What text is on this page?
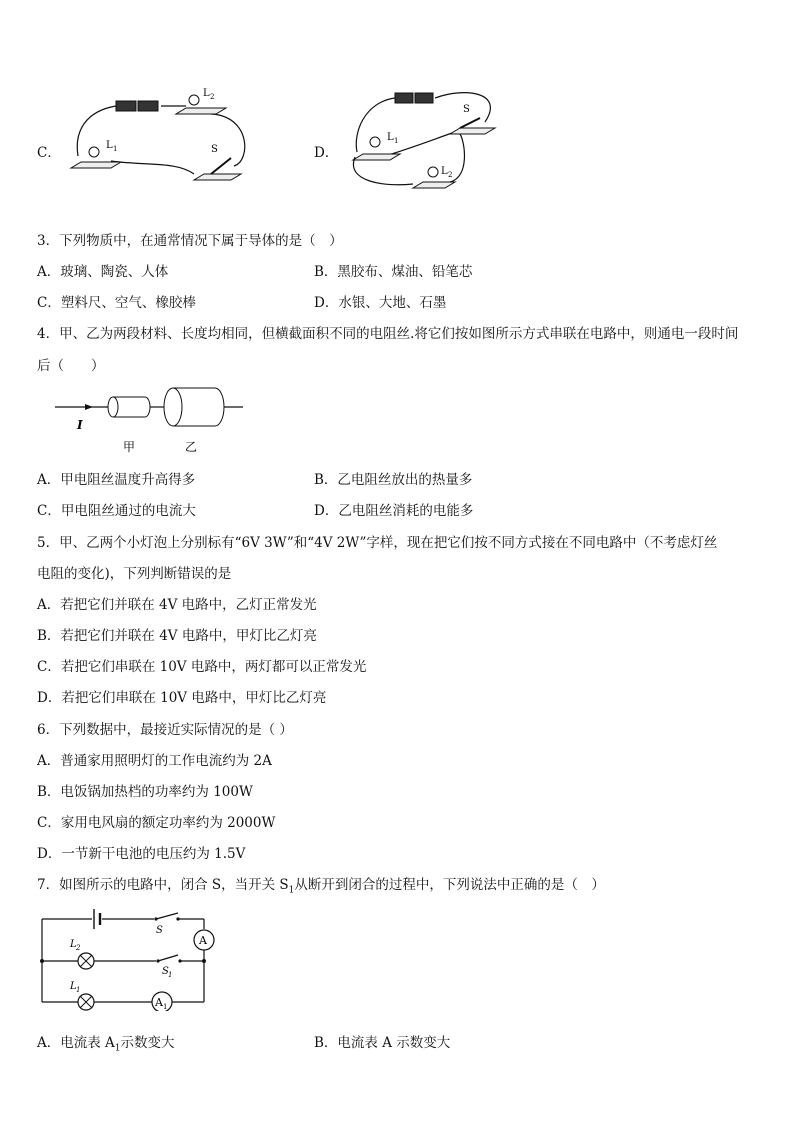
C．
L 2
L 1	S	D．
S
L 1
L 2
3．下列物质中，在通常情况下属于导体的是（　）
A．玻璃、陶瓷、人体	B．黑胶布、煤油、铅笔芯
C．塑料尺、空气、橡胶棒	D．水银、大地、石墨
4．甲、乙为两段材料、长度均相同，但横截面积不同的电阻丝.将它们按如图所示方式串联在电路中，则通电一段时间
后（　　）
I
甲	乙
A．甲电阻丝温度升高得多	B．乙电阻丝放出的热量多
C．甲电阻丝通过的电流大	D．乙电阻丝消耗的电能多
5．甲、乙两个小灯泡上分别标有“6V 3W”和“4V 2W”字样，现在把它们按不同方式接在不同电路中（不考虑灯丝
电阻的变化)，下列判断错误的是
A．若把它们并联在 4V 电路中，乙灯正常发光
B．若把它们并联在 4V 电路中，甲灯比乙灯亮
C．若把它们串联在 10V 电路中，两灯都可以正常发光
D．若把它们串联在 10V 电路中，甲灯比乙灯亮
6．下列数据中，最接近实际情况的是（ ）
A．普通家用照明灯的工作电流约为 2A
B．电饭锅加热档的功率约为 100W
C．家用电风扇的额定功率约为 2000W
D．一节新干电池的电压约为 1.5V
7．如图所示的电路中，闭合 S，当开关 $S_1$从断开到闭合的过程中，下列说法中正确的是（　）
S
A
L 2
S 1
L 1
A 1
A．电流表 $A_1$示数变大	B．电流表 A 示数变大
